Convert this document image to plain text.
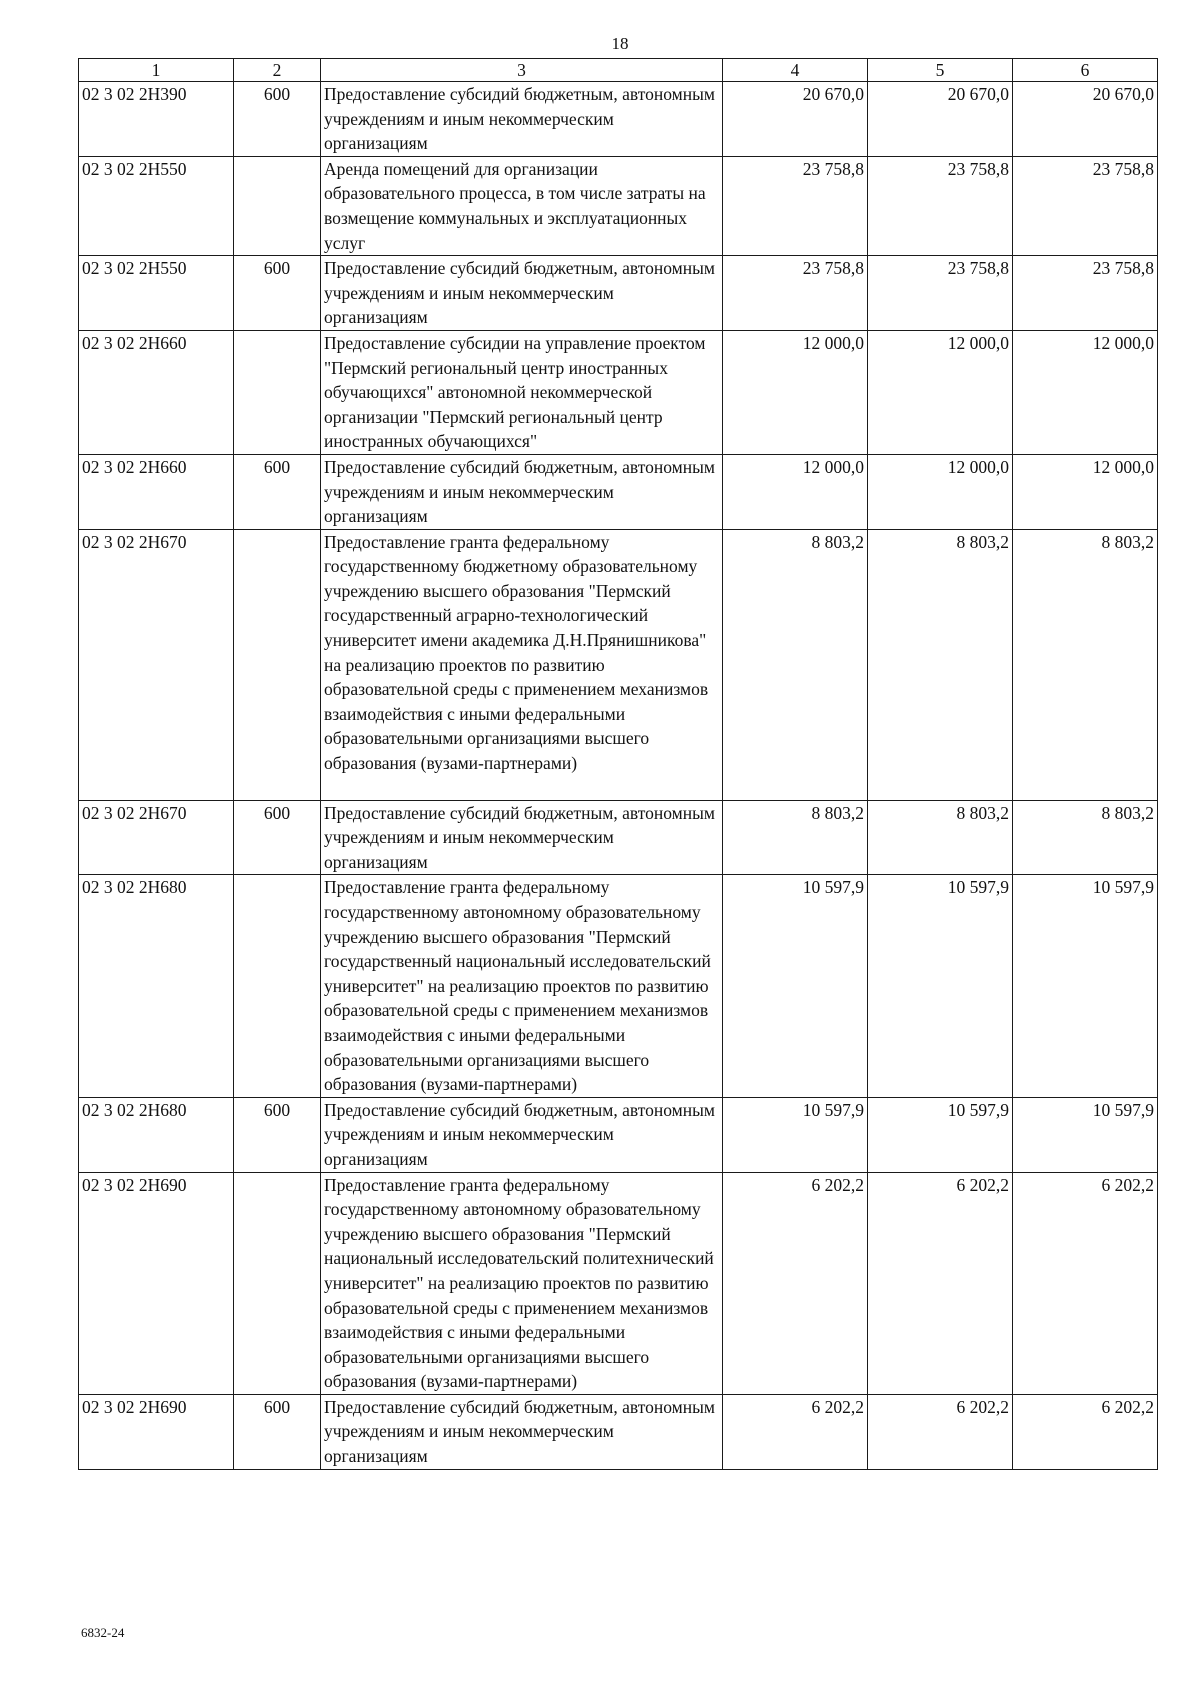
18
1	2	3	4	5	6
02 3 02 2Н390	600	Предоставление субсидий бюджетным, автономным учреждениям и иным некоммерческим организациям	20 670,0	20 670,0	20 670,0
02 3 02 2Н550		Аренда помещений для организации образовательного процесса, в том числе затраты на возмещение коммунальных и эксплуатационных услуг	23 758,8	23 758,8	23 758,8
02 3 02 2Н550	600	Предоставление субсидий бюджетным, автономным учреждениям и иным некоммерческим организациям	23 758,8	23 758,8	23 758,8
02 3 02 2Н660		Предоставление субсидии на управление проектом "Пермский региональный центр иностранных обучающихся" автономной некоммерческой организации "Пермский региональный центр иностранных обучающихся"	12 000,0	12 000,0	12 000,0
02 3 02 2Н660	600	Предоставление субсидий бюджетным, автономным учреждениям и иным некоммерческим организациям	12 000,0	12 000,0	12 000,0
02 3 02 2Н670		Предоставление гранта федеральному государственному бюджетному образовательному учреждению высшего образования "Пермский государственный аграрно-технологический университет имени академика Д.Н.Прянишникова" на реализацию проектов по развитию образовательной среды с применением механизмов взаимодействия с иными федеральными образовательными организациями высшего образования (вузами-партнерами)	8 803,2	8 803,2	8 803,2
02 3 02 2Н670	600	Предоставление субсидий бюджетным, автономным учреждениям и иным некоммерческим организациям	8 803,2	8 803,2	8 803,2
02 3 02 2Н680		Предоставление гранта федеральному государственному автономному образовательному учреждению высшего образования "Пермский государственный национальный исследовательский университет" на реализацию проектов по развитию образовательной среды с применением механизмов взаимодействия с иными федеральными образовательными организациями высшего образования (вузами-партнерами)	10 597,9	10 597,9	10 597,9
02 3 02 2Н680	600	Предоставление субсидий бюджетным, автономным учреждениям и иным некоммерческим организациям	10 597,9	10 597,9	10 597,9
02 3 02 2Н690		Предоставление гранта федеральному государственному автономному образовательному учреждению высшего образования "Пермский национальный исследовательский политехнический университет" на реализацию проектов по развитию образовательной среды с применением механизмов взаимодействия с иными федеральными образовательными организациями высшего образования (вузами-партнерами)	6 202,2	6 202,2	6 202,2
02 3 02 2Н690	600	Предоставление субсидий бюджетным, автономным учреждениям и иным некоммерческим организациям	6 202,2	6 202,2	6 202,2
6832-24
